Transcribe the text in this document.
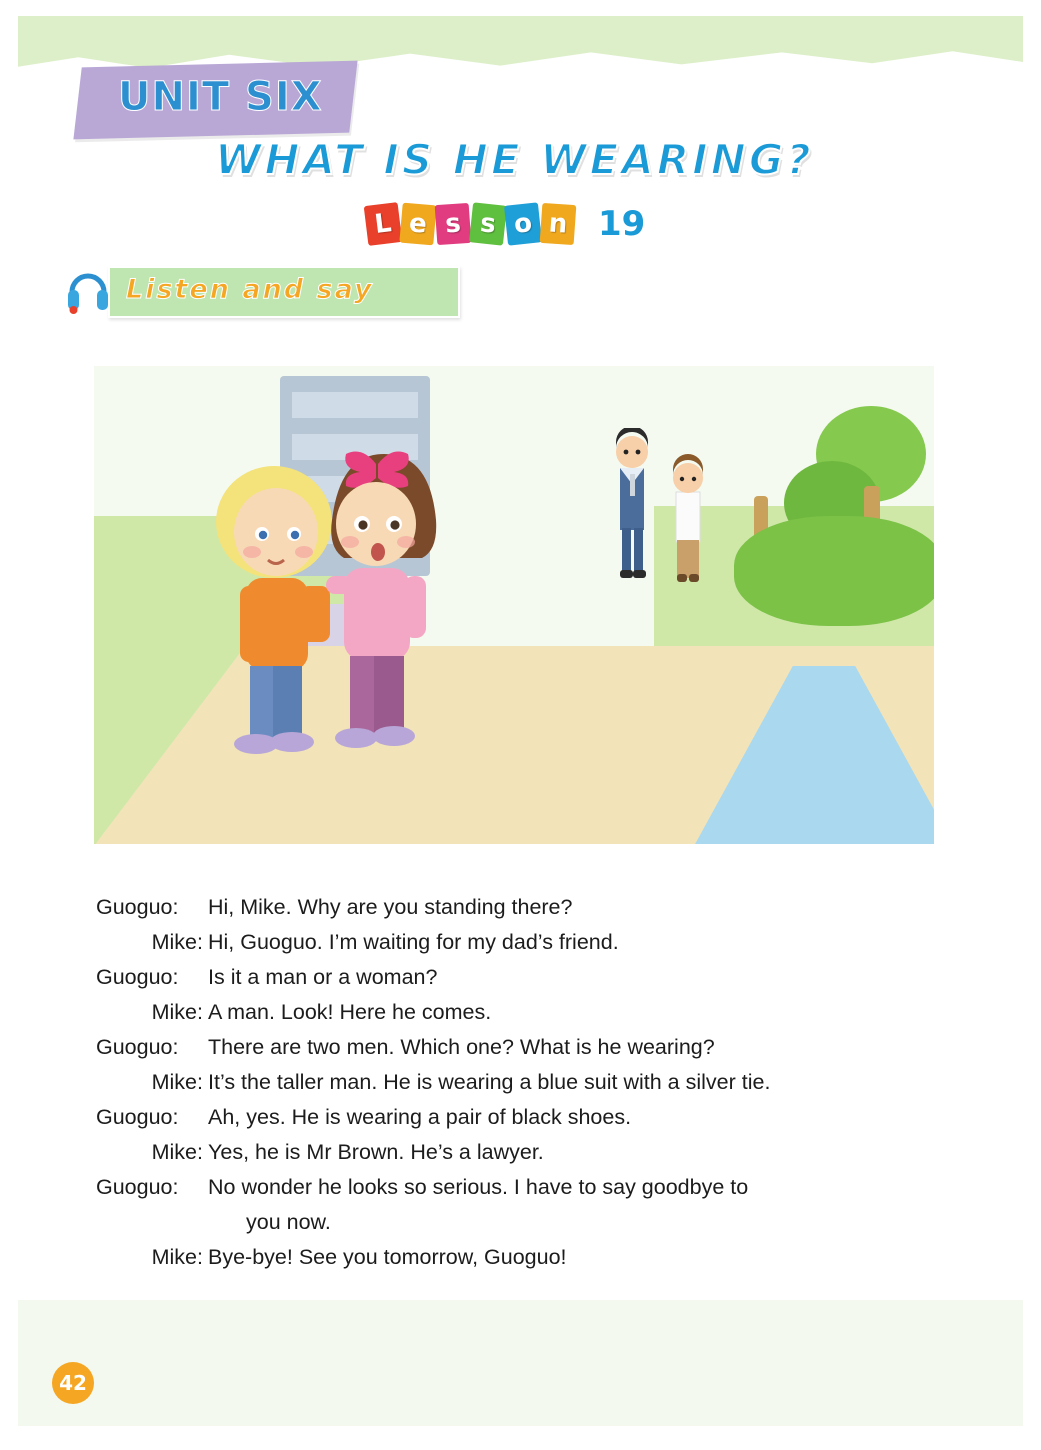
UNIT SIX
WHAT IS HE WEARING?
L e s s o n 19
Listen and say
Guoguo:	Hi, Mike. Why are you standing there?
Mike: Hi, Guoguo. I’m waiting for my dad’s friend.
Guoguo:	Is it a man or a woman?
Mike: A man. Look! Here he comes.
Guoguo:	There are two men. Which one? What is he wearing?
Mike: It’s the taller man. He is wearing a blue suit with a silver tie.
Guoguo:	Ah, yes. He is wearing a pair of black shoes.
Mike: Yes, he is Mr Brown. He’s a lawyer.
Guoguo:	No wonder he looks so serious. I have to say goodbye to
you now.
Mike: Bye-bye! See you tomorrow, Guoguo!
42
